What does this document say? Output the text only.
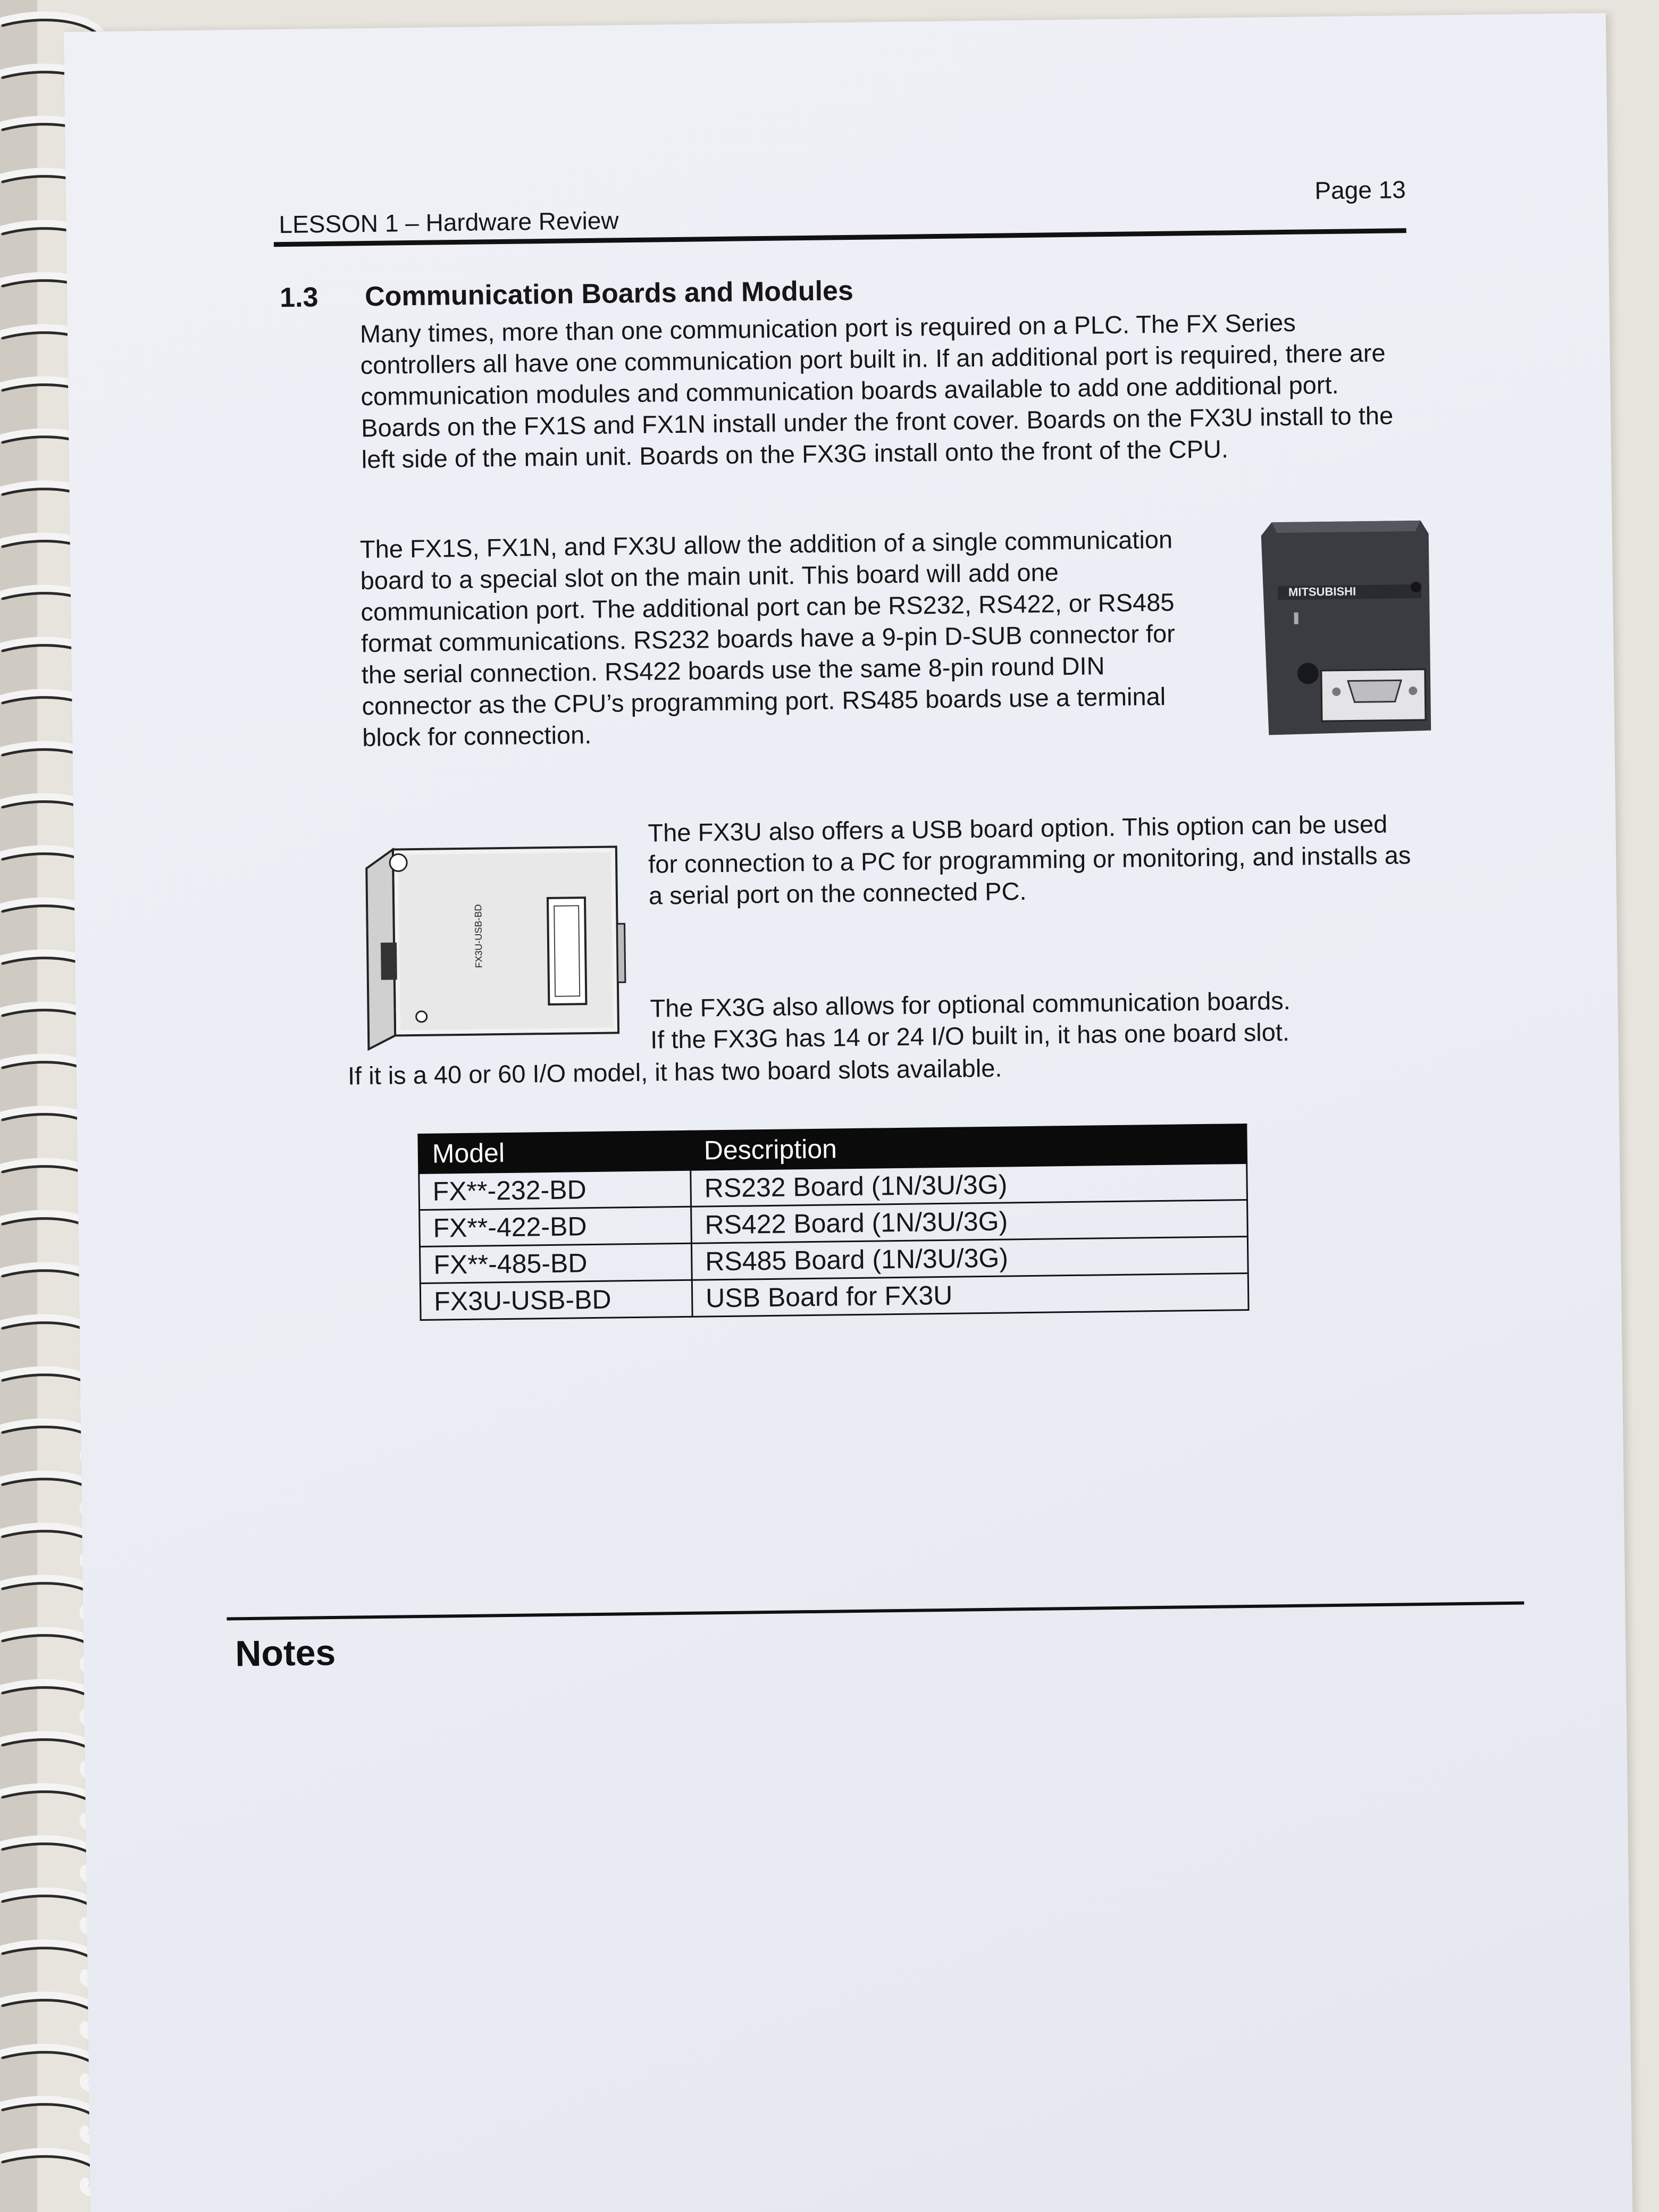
LESSON 1 – Hardware Review
Page 13
1.3 Communication Boards and Modules

Many times, more than one communication port is required on a PLC. The FX Series controllers all have one communication port built in. If an additional port is required, there are communication modules and communication boards available to add one additional port. Boards on the FX1S and FX1N install under the front cover. Boards on the FX3U install to the left side of the main unit. Boards on the FX3G install onto the front of the CPU.

The FX1S, FX1N, and FX3U allow the addition of a single communication board to a special slot on the main unit. This board will add one communication port. The additional port can be RS232, RS422, or RS485 format communications. RS232 boards have a 9-pin D-SUB connector for the serial connection. RS422 boards use the same 8-pin round DIN connector as the CPU’s programming port. RS485 boards use a terminal block for connection.

MITSUBISHI
FX3U-USB-BD

The FX3U also offers a USB board option. This option can be used for connection to a PC for programming or monitoring, and installs as a serial port on the connected PC.

The FX3G also allows for optional communication boards.
If the FX3G has 14 or 24 I/O built in, it has one board slot.
If it is a 40 or 60 I/O model, it has two board slots available.
Model	Description
FX**-232-BD	RS232 Board (1N/3U/3G)
FX**-422-BD	RS422 Board (1N/3U/3G)
FX**-485-BD	RS485 Board (1N/3U/3G)
FX3U-USB-BD	USB Board for FX3U
Notes
